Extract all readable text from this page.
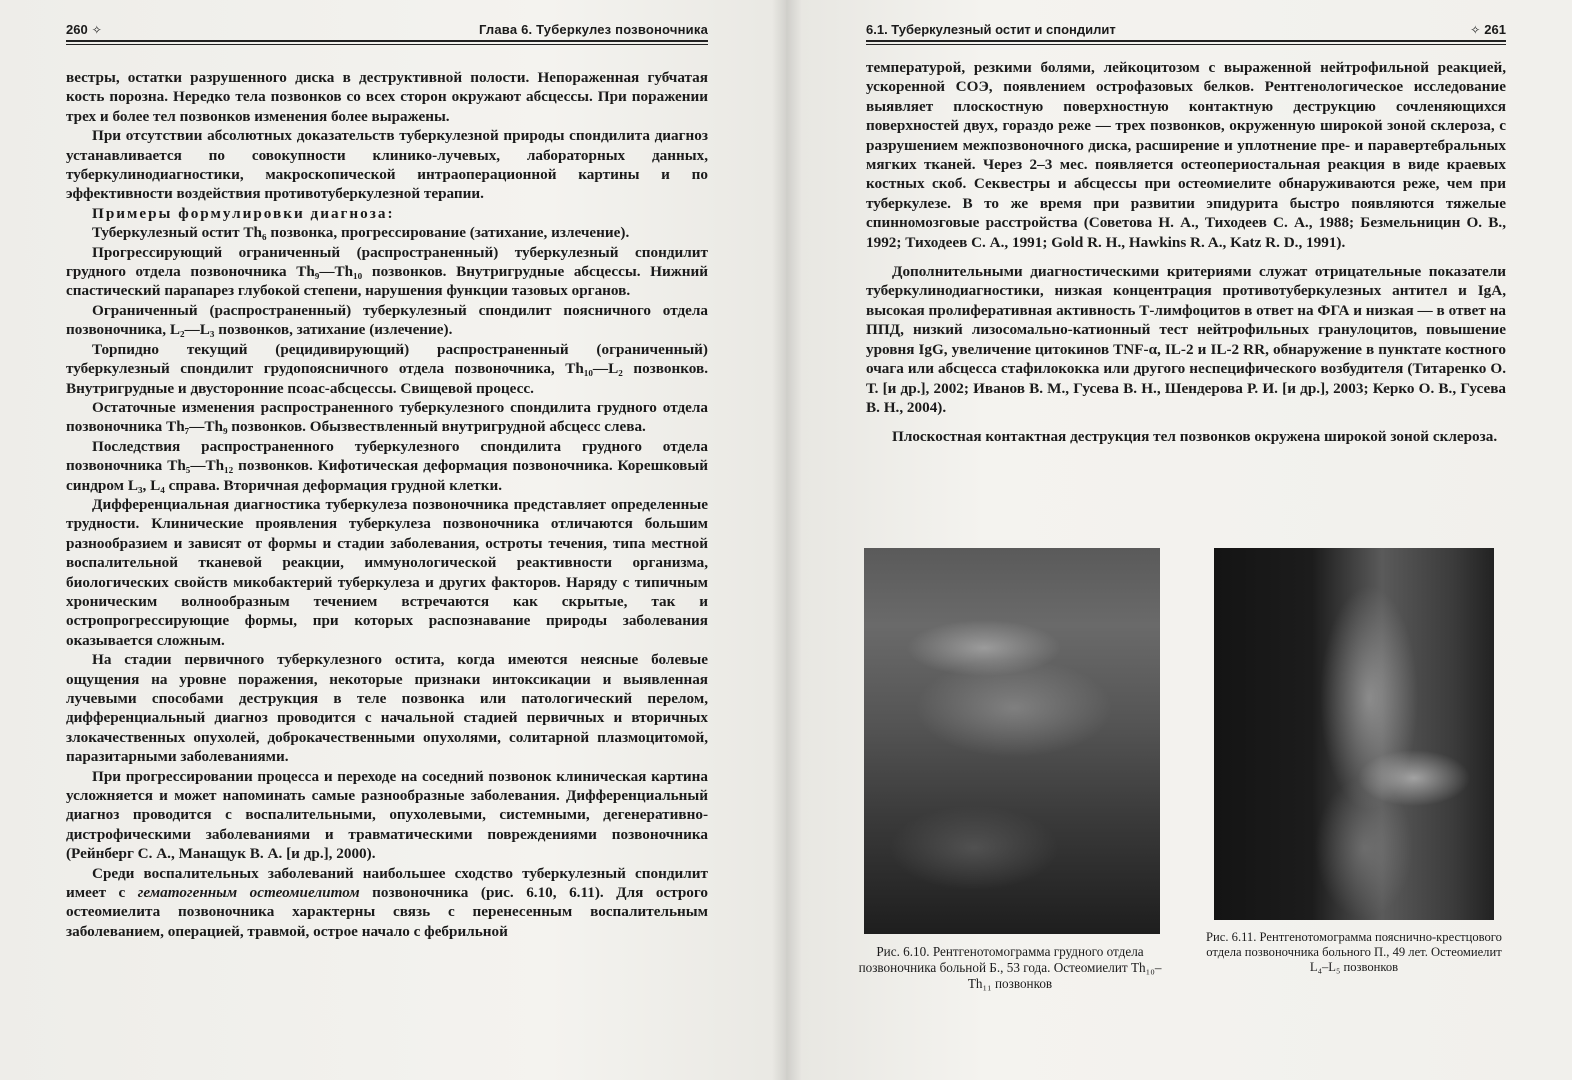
260 ✧	Глава 6. Туберкулез позвоночника

вестры, остатки разрушенного диска в деструктивной полости. Непораженная губчатая кость порозна. Нередко тела позвонков со всех сторон окружают абсцессы. При поражении трех и более тел позвонков изменения более выражены.

При отсутствии абсолютных доказательств туберкулезной природы спондилита диагноз устанавливается по совокупности клинико-лучевых, лабораторных данных, туберкулинодиагностики, макроскопической интраоперационной картины и по эффективности воздействия противотуберкулезной терапии.

Примеры формулировки диагноза:

Туберкулезный остит Th₆ позвонка, прогрессирование (затихание, излечение).

Прогрессирующий ограниченный (распространенный) туберкулезный спондилит грудного отдела позвоночника Th₉—Th₁₀ позвонков. Внутригрудные абсцессы. Нижний спастический парапарез глубокой степени, нарушения функции тазовых органов.

Ограниченный (распространенный) туберкулезный спондилит поясничного отдела позвоночника, L₂—L₃ позвонков, затихание (излечение).

Торпидно текущий (рецидивирующий) распространенный (ограниченный) туберкулезный спондилит грудопоясничного отдела позвоночника, Th₁₀—L₂ позвонков. Внутригрудные и двусторонние псоас-абсцессы. Свищевой процесс.

Остаточные изменения распространенного туберкулезного спондилита грудного отдела позвоночника Th₇—Th₉ позвонков. Обызвествленный внутригрудной абсцесс слева.

Последствия распространенного туберкулезного спондилита грудного отдела позвоночника Th₅—Th₁₂ позвонков. Кифотическая деформация позвоночника. Корешковый синдром L₃, L₄ справа. Вторичная деформация грудной клетки.

Дифференциальная диагностика туберкулеза позвоночника представляет определенные трудности. Клинические проявления туберкулеза позвоночника отличаются большим разнообразием и зависят от формы и стадии заболевания, остроты течения, типа местной воспалительной тканевой реакции, иммунологической реактивности организма, биологических свойств микобактерий туберкулеза и других факторов. Наряду с типичным хроническим волнообразным течением встречаются как скрытые, так и остропрогрессирующие формы, при которых распознавание природы заболевания оказывается сложным.

На стадии первичного туберкулезного остита, когда имеются неясные болевые ощущения на уровне поражения, некоторые признаки интоксикации и выявленная лучевыми способами деструкция в теле позвонка или патологический перелом, дифференциальный диагноз проводится с начальной стадией первичных и вторичных злокачественных опухолей, доброкачественными опухолями, солитарной плазмоцитомой, паразитарными заболеваниями.

При прогрессировании процесса и переходе на соседний позвонок клиническая картина усложняется и может напоминать самые разнообразные заболевания. Дифференциальный диагноз проводится с воспалительными, опухолевыми, системными, дегенеративно-дистрофическими заболеваниями и травматическими повреждениями позвоночника (Рейнберг С. А., Манащук В. А. [и др.], 2000).

Среди воспалительных заболеваний наибольшее сходство туберкулезный спондилит имеет с гематогенным остеомиелитом позвоночника (рис. 6.10, 6.11). Для острого остеомиелита позвоночника характерны связь с перенесенным воспалительным заболеванием, операцией, травмой, острое начало с фебрильной

6.1. Туберкулезный остит и спондилит	✧ 261

температурой, резкими болями, лейкоцитозом с выраженной нейтрофильной реакцией, ускоренной СОЭ, появлением острофазовых белков. Рентгенологическое исследование выявляет плоскостную поверхностную контактную деструкцию сочленяющихся поверхностей двух, гораздо реже — трех позвонков, окруженную широкой зоной склероза, с разрушением межпозвоночного диска, расширение и уплотнение пре- и паравертебральных мягких тканей. Через 2–3 мес. появляется остеопериостальная реакция в виде краевых костных скоб. Секвестры и абсцессы при остеомиелите обнаруживаются реже, чем при туберкулезе. В то же время при развитии эпидурита быстро появляются тяжелые спинномозговые расстройства (Советова Н. А., Тиходеев С. А., 1988; Безмельницин О. В., 1992; Тиходеев С. А., 1991; Gold R. H., Hawkins R. A., Katz R. D., 1991).

Дополнительными диагностическими критериями служат отрицательные показатели туберкулинодиагностики, низкая концентрация противотуберкулезных антител и IgA, высокая пролиферативная активность Т-лимфоцитов в ответ на ФГА и низкая — в ответ на ППД, низкий лизосомально-катионный тест нейтрофильных гранулоцитов, повышение уровня IgG, увеличение цитокинов TNF-α, IL-2 и IL-2 RR, обнаружение в пунктате костного очага или абсцесса стафилококка или другого неспецифического возбудителя (Титаренко О. Т. [и др.], 2002; Иванов В. М., Гусева В. Н., Шендерова Р. И. [и др.], 2003; Керко О. В., Гусева В. Н., 2004).

Плоскостная контактная деструкция тел позвонков окружена широкой зоной склероза.

Рис. 6.10. Рентгенотомограмма грудного отдела позвоночника больной Б., 53 года. Остеомиелит Th₁₀–Th₁₁ позвонков
Рис. 6.11. Рентгенотомограмма пояснично-крестцового отдела позвоночника больного П., 49 лет. Остеомиелит L₄–L₅ позвонков
